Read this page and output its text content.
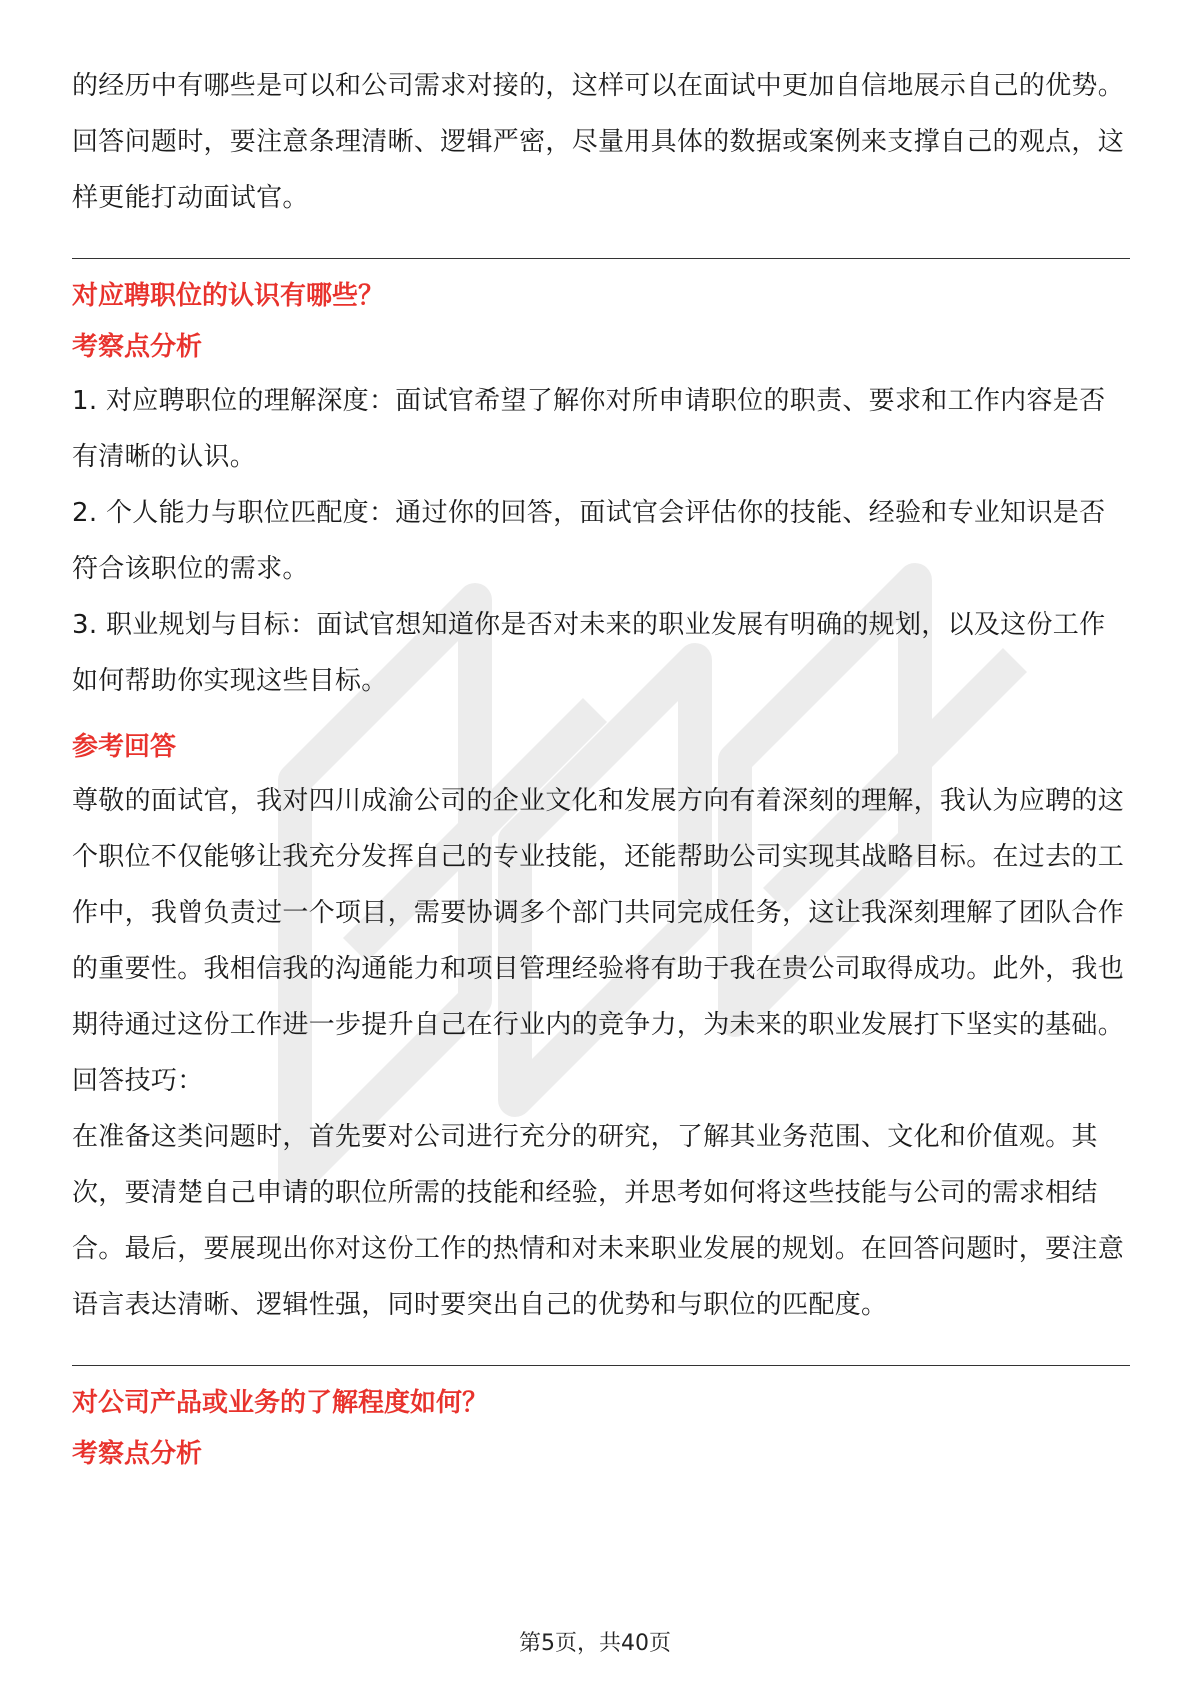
的经历中有哪些是可以和公司需求对接的，这样可以在面试中更加自信地展示自己的优势。回答问题时，要注意条理清晰、逻辑严密，尽量用具体的数据或案例来支撑自己的观点，这样更能打动面试官。

对应聘职位的认识有哪些？

考察点分析

1. 对应聘职位的理解深度：面试官希望了解你对所申请职位的职责、要求和工作内容是否有清晰的认识。

2. 个人能力与职位匹配度：通过你的回答，面试官会评估你的技能、经验和专业知识是否符合该职位的需求。

3. 职业规划与目标：面试官想知道你是否对未来的职业发展有明确的规划，以及这份工作如何帮助你实现这些目标。

参考回答

尊敬的面试官，我对四川成渝公司的企业文化和发展方向有着深刻的理解，我认为应聘的这个职位不仅能够让我充分发挥自己的专业技能，还能帮助公司实现其战略目标。在过去的工作中，我曾负责过一个项目，需要协调多个部门共同完成任务，这让我深刻理解了团队合作的重要性。我相信我的沟通能力和项目管理经验将有助于我在贵公司取得成功。此外，我也期待通过这份工作进一步提升自己在行业内的竞争力，为未来的职业发展打下坚实的基础。

回答技巧：

在准备这类问题时，首先要对公司进行充分的研究，了解其业务范围、文化和价值观。其次，要清楚自己申请的职位所需的技能和经验，并思考如何将这些技能与公司的需求相结合。最后，要展现出你对这份工作的热情和对未来职业发展的规划。在回答问题时，要注意语言表达清晰、逻辑性强，同时要突出自己的优势和与职位的匹配度。

对公司产品或业务的了解程度如何？

考察点分析

第5页，共40页
